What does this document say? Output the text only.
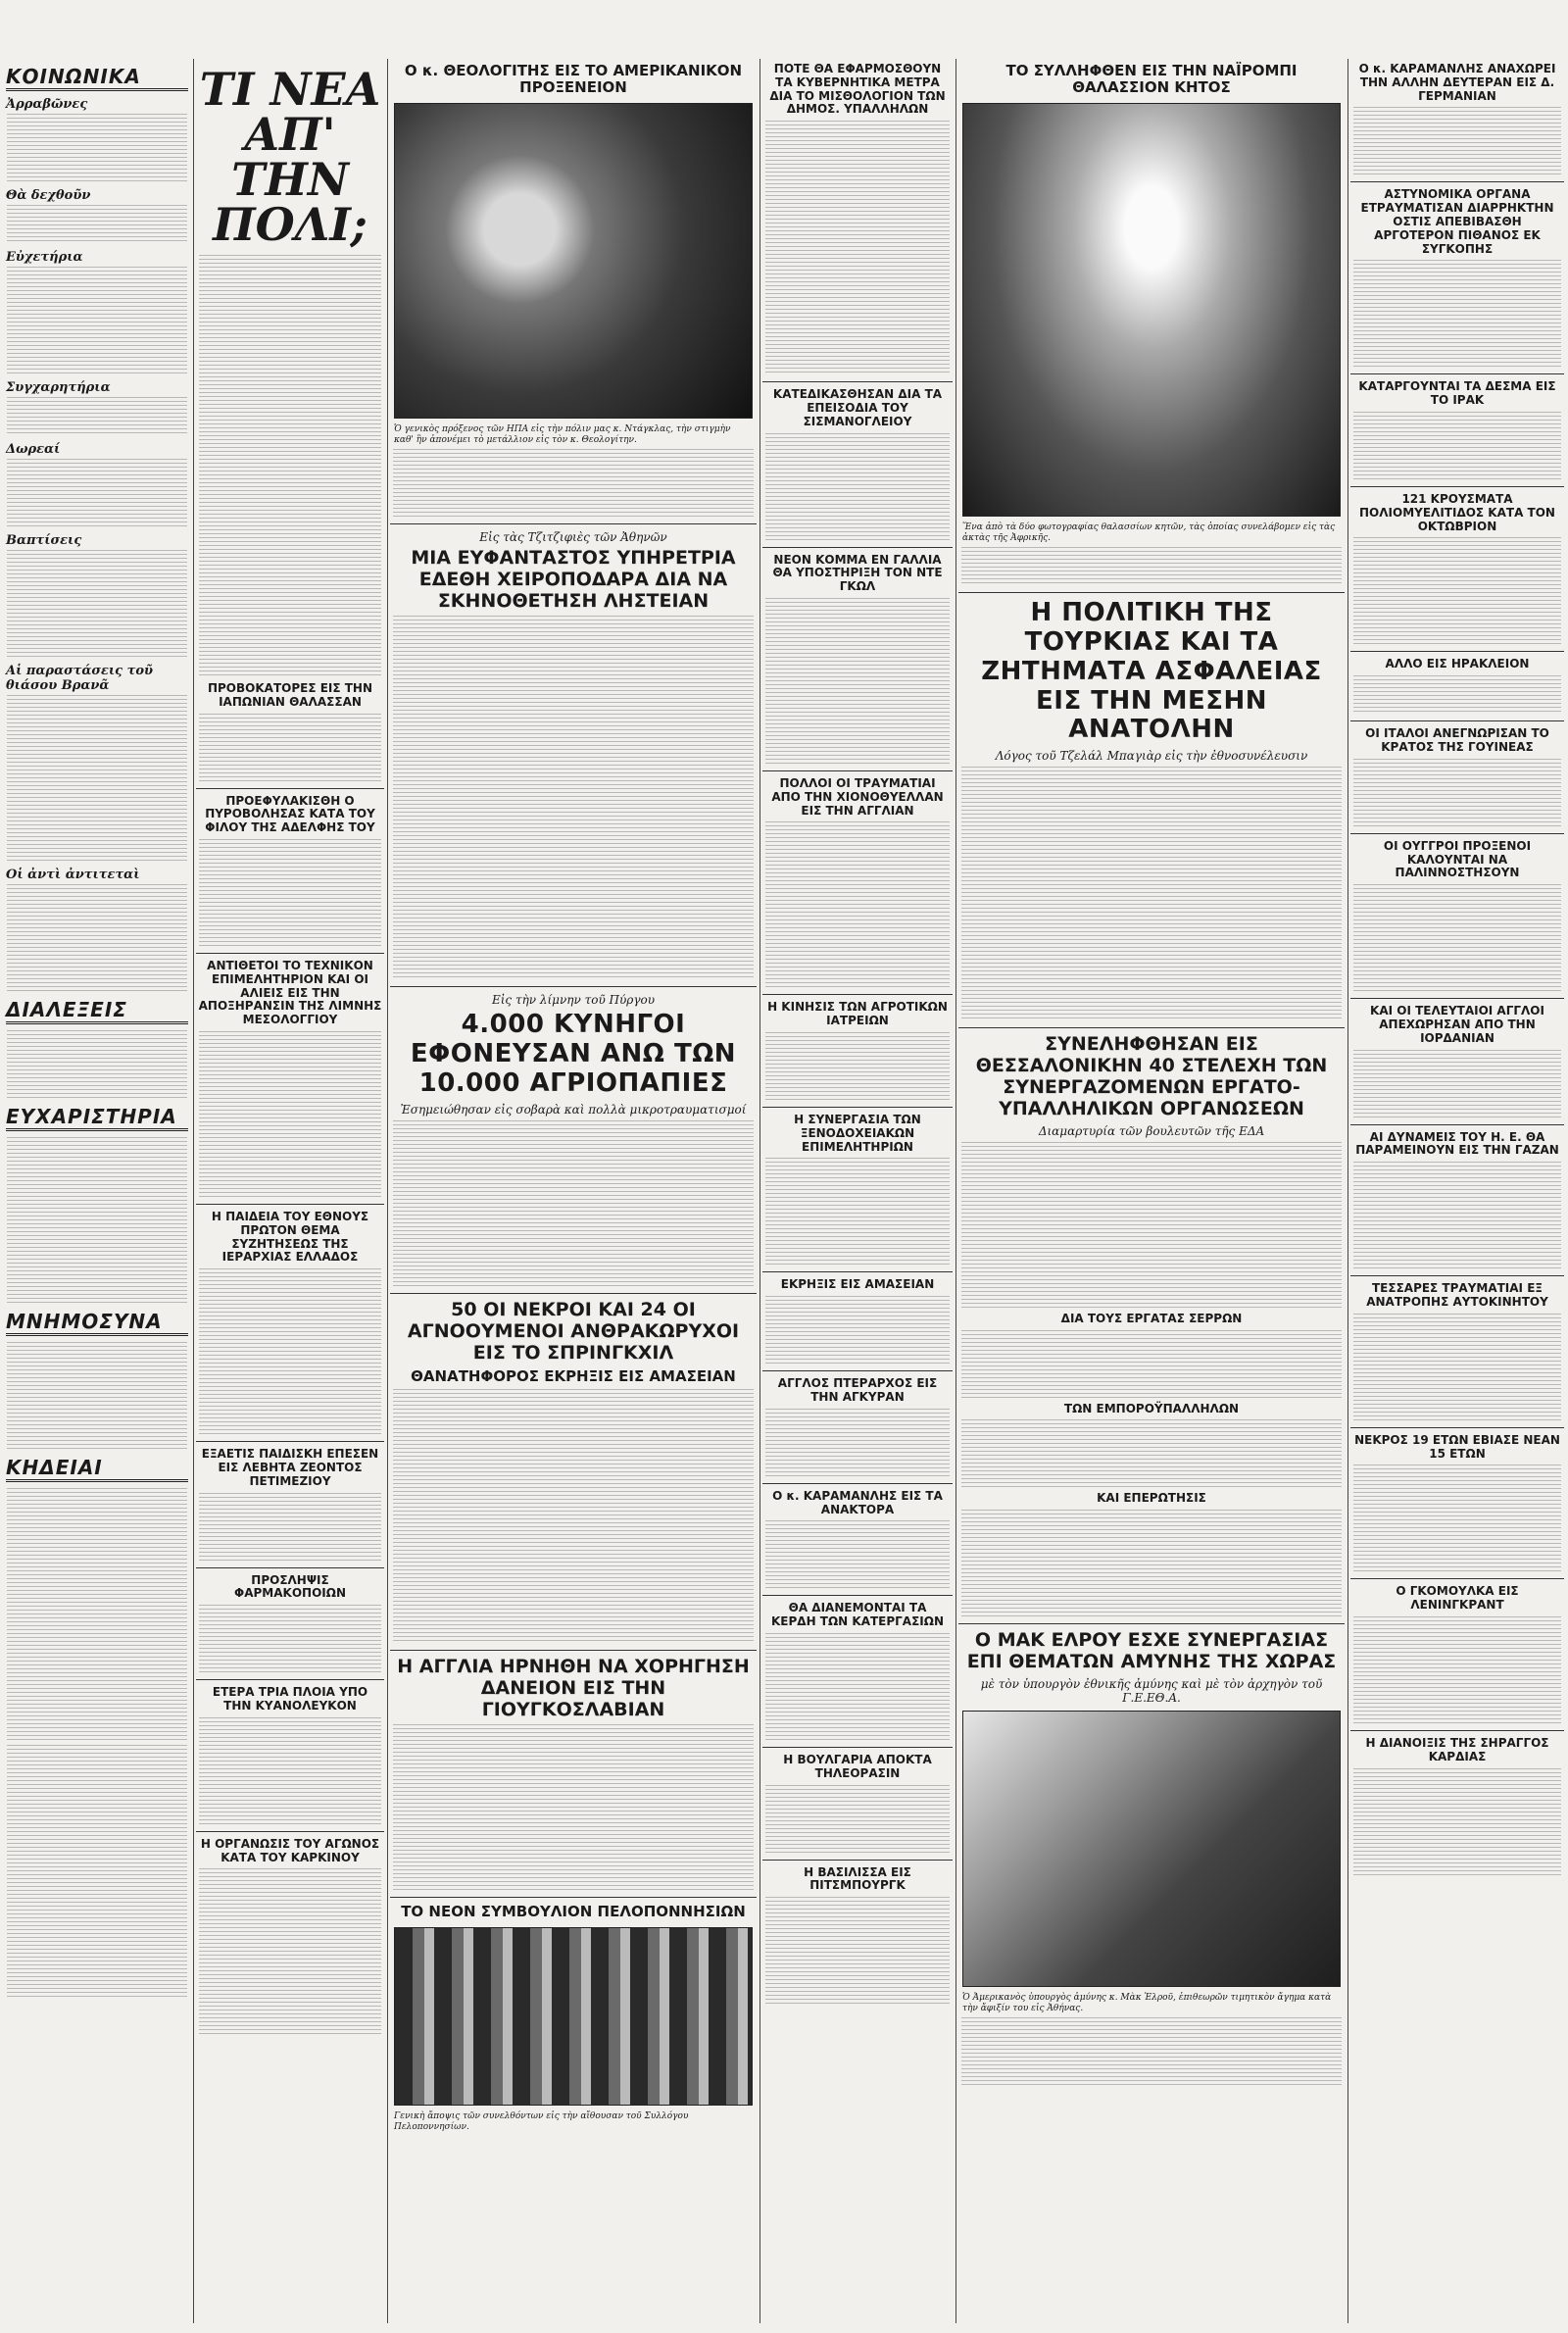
ΚΟΙΝΩΝΙΚΑ
Ἀρραβῶνες
Θὰ δεχθοῦν
Εὐχετήρια
Συγχαρητήρια
Δωρεαί
Βαπτίσεις
Αἱ παραστάσεις τοῦ θιάσου Βρανᾶ
Οἱ ἀντὶ ἀντιτεταὶ
ΔΙΑΛΕΞΕΙΣ
ΕΥΧΑΡΙΣΤΗΡΙΑ
ΜΝΗΜΟΣΥΝΑ
ΚΗΔΕΙΑΙ
ΤΙ ΝΕΑ ΑΠ' ΤΗΝ ΠΟΛΙ;
ΠΡΟΒΟΚΑΤΟΡΕΣ ΕΙΣ ΤΗΝ ΙΑΠΩΝΙΑΝ ΘΑΛΑΣΣΑΝ
ΠΡΟΕΦΥΛΑΚΙΣΘΗ Ο ΠΥΡΟΒΟΛΗΣΑΣ ΚΑΤΑ ΤΟΥ ΦΙΛΟΥ ΤΗΣ ΑΔΕΛΦΗΣ ΤΟΥ
ΑΝΤΙΘΕΤΟΙ ΤΟ ΤΕΧΝΙΚΟΝ ΕΠΙΜΕΛΗΤΗΡΙΟΝ ΚΑΙ ΟΙ ΑΛΙΕΙΣ ΕΙΣ ΤΗΝ ΑΠΟΞΗΡΑΝΣΙΝ ΤΗΣ ΛΙΜΝΗΣ ΜΕΣΟΛΟΓΓΙΟΥ
Η ΠΑΙΔΕΙΑ ΤΟΥ ΕΘΝΟΥΣ ΠΡΩΤΟΝ ΘΕΜΑ ΣΥΖΗΤΗΣΕΩΣ ΤΗΣ ΙΕΡΑΡΧΙΑΣ ΕΛΛΑΔΟΣ
ΕΞΑΕΤΙΣ ΠΑΙΔΙΣΚΗ ΕΠΕΣΕΝ ΕΙΣ ΛΕΒΗΤΑ ΖΕΟΝΤΟΣ ΠΕΤΙΜΕΖΙΟΥ
ΠΡΟΣΛΗΨΙΣ ΦΑΡΜΑΚΟΠΟΙΩΝ
ΕΤΕΡΑ ΤΡΙΑ ΠΛΟΙΑ ΥΠΟ ΤΗΝ ΚΥΑΝΟΛΕΥΚΟΝ
Η ΟΡΓΑΝΩΣΙΣ ΤΟΥ ΑΓΩΝΟΣ ΚΑΤΑ ΤΟΥ ΚΑΡΚΙΝΟΥ
Ο κ. ΘΕΟΛΟΓΙΤΗΣ ΕΙΣ ΤΟ ΑΜΕΡΙΚΑΝΙΚΟΝ ΠΡΟΞΕΝΕΙΟΝ
Ὁ γενικὸς πρόξενος τῶν ΗΠΑ εἰς τὴν πόλιν μας κ. Ντάγκλας, τὴν στιγμὴν καθ' ἣν ἀπονέμει τὸ μετάλλιον εἰς τὸν κ. Θεολογίτην.
Εἰς τὰς Τζιτζιφιὲς τῶν Ἀθηνῶν
ΜΙΑ ΕΥΦΑΝΤΑΣΤΟΣ ΥΠΗΡΕΤΡΙΑ ΕΔΕΘΗ ΧΕΙΡΟΠΟΔΑΡΑ ΔΙΑ ΝΑ ΣΚΗΝΟΘΕΤΗΣΗ ΛΗΣΤΕΙΑΝ
Εἰς τὴν λίμνην τοῦ Πύργου
4.000 ΚΥΝΗΓΟΙ ΕΦΟΝΕΥΣΑΝ ΑΝΩ ΤΩΝ 10.000 ΑΓΡΙΟΠΑΠΙΕΣ
Ἐσημειώθησαν εἰς σοβαρὰ καὶ πολλὰ μικροτραυματισμοί
50 ΟΙ ΝΕΚΡΟΙ ΚΑΙ 24 ΟΙ ΑΓΝΟΟΥΜΕΝΟΙ ΑΝΘΡΑΚΩΡΥΧΟΙ ΕΙΣ ΤΟ ΣΠΡΙΝΓΚΧΙΛ
ΘΑΝΑΤΗΦΟΡΟΣ ΕΚΡΗΞΙΣ ΕΙΣ ΑΜΑΣΕΙΑΝ
Η ΑΓΓΛΙΑ ΗΡΝΗΘΗ ΝΑ ΧΟΡΗΓΗΣΗ ΔΑΝΕΙΟΝ ΕΙΣ ΤΗΝ ΓΙΟΥΓΚΟΣΛΑΒΙΑΝ
ΤΟ ΝΕΟΝ ΣΥΜΒΟΥΛΙΟΝ ΠΕΛΟΠΟΝΝΗΣΙΩΝ
Γενικὴ ἄποψις τῶν συνελθόντων εἰς τὴν αἴθουσαν τοῦ Συλλόγου Πελοποννησίων.
ΠΟΤΕ ΘΑ ΕΦΑΡΜΟΣΘΟΥΝ ΤΑ ΚΥΒΕΡΝΗΤΙΚΑ ΜΕΤΡΑ ΔΙΑ ΤΟ ΜΙΣΘΟΛΟΓΙΟΝ ΤΩΝ ΔΗΜΟΣ. ΥΠΑΛΛΗΛΩΝ
ΚΑΤΕΔΙΚΑΣΘΗΣΑΝ ΔΙΑ ΤΑ ΕΠΕΙΣΟΔΙΑ ΤΟΥ ΣΙΣΜΑΝΟΓΛΕΙΟΥ
ΝΕΟΝ ΚΟΜΜΑ ΕΝ ΓΑΛΛΙΑ ΘΑ ΥΠΟΣΤΗΡΙΞΗ ΤΟΝ ΝΤΕ ΓΚΩΛ
ΠΟΛΛΟΙ ΟΙ ΤΡΑΥΜΑΤΙΑΙ ΑΠΟ ΤΗΝ ΧΙΟΝΟΘΥΕΛΛΑΝ ΕΙΣ ΤΗΝ ΑΓΓΛΙΑΝ
Η ΚΙΝΗΣΙΣ ΤΩΝ ΑΓΡΟΤΙΚΩΝ ΙΑΤΡΕΙΩΝ
Η ΣΥΝΕΡΓΑΣΙΑ ΤΩΝ ΞΕΝΟΔΟΧΕΙΑΚΩΝ ΕΠΙΜΕΛΗΤΗΡΙΩΝ
ΕΚΡΗΞΙΣ ΕΙΣ ΑΜΑΣΕΙΑΝ
ΑΓΓΛΟΣ ΠΤΕΡΑΡΧΟΣ ΕΙΣ ΤΗΝ ΑΓΚΥΡΑΝ
Ο κ. ΚΑΡΑΜΑΝΛΗΣ ΕΙΣ ΤΑ ΑΝΑΚΤΟΡΑ
ΘΑ ΔΙΑΝΕΜΟΝΤΑΙ ΤΑ ΚΕΡΔΗ ΤΩΝ ΚΑΤΕΡΓΑΣΙΩΝ
Η ΒΟΥΛΓΑΡΙΑ ΑΠΟΚΤΑ ΤΗΛΕΟΡΑΣΙΝ
Η ΒΑΣΙΛΙΣΣΑ ΕΙΣ ΠΙΤΣΜΠΟΥΡΓΚ
ΤΟ ΣΥΛΛΗΦΘΕΝ ΕΙΣ ΤΗΝ ΝΑΪΡΟΜΠΙ ΘΑΛΑΣΣΙΟΝ ΚΗΤΟΣ
Ἕνα ἀπὸ τὰ δύο φωτογραφίας θαλασσίων κητῶν, τὰς ὁποίας συνελάβομεν εἰς τὰς ἀκτὰς τῆς Ἀφρικῆς.
Η ΠΟΛΙΤΙΚΗ ΤΗΣ ΤΟΥΡΚΙΑΣ ΚΑΙ ΤΑ ΖΗΤΗΜΑΤΑ ΑΣΦΑΛΕΙΑΣ ΕΙΣ ΤΗΝ ΜΕΣΗΝ ΑΝΑΤΟΛΗΝ
Λόγος τοῦ Τζελάλ Μπαγιὰρ εἰς τὴν ἐθνοσυνέλευσιν
ΣΥΝΕΛΗΦΘΗΣΑΝ ΕΙΣ ΘΕΣΣΑΛΟΝΙΚΗΝ 40 ΣΤΕΛΕΧΗ ΤΩΝ ΣΥΝΕΡΓΑΖΟΜΕΝΩΝ ΕΡΓΑΤΟ-ΥΠΑΛΛΗΛΙΚΩΝ ΟΡΓΑΝΩΣΕΩΝ
Διαμαρτυρία τῶν βουλευτῶν τῆς ΕΔΑ
ΔΙΑ ΤΟΥΣ ΕΡΓΑΤΑΣ ΣΕΡΡΩΝ
ΤΩΝ ΕΜΠΟΡΟΫΠΑΛΛΗΛΩΝ
ΚΑΙ ΕΠΕΡΩΤΗΣΙΣ
Ο ΜΑΚ ΕΛΡΟΥ ΕΣΧΕ ΣΥΝΕΡΓΑΣΙΑΣ ΕΠΙ ΘΕΜΑΤΩΝ ΑΜΥΝΗΣ ΤΗΣ ΧΩΡΑΣ
μὲ τὸν ὑπουργὸν ἐθνικῆς ἀμύνης καὶ μὲ τὸν ἀρχηγὸν τοῦ Γ.Ε.ΕΘ.Α.
Ὁ Ἀμερικανὸς ὑπουργὸς ἀμύνης κ. Μὰκ Ἐλροῦ, ἐπιθεωρῶν τιμητικὸν ἄγημα κατὰ τὴν ἄφιξίν του εἰς Ἀθήνας.
Ο κ. ΚΑΡΑΜΑΝΛΗΣ ΑΝΑΧΩΡΕΙ ΤΗΝ ΑΛΛΗΝ ΔΕΥΤΕΡΑΝ ΕΙΣ Δ. ΓΕΡΜΑΝΙΑΝ
ΑΣΤΥΝΟΜΙΚΑ ΟΡΓΑΝΑ ΕΤΡΑΥΜΑΤΙΣΑΝ ΔΙΑΡΡΗΚΤΗΝ ΟΣΤΙΣ ΑΠΕΒΙΒΑΣΘΗ ΑΡΓΟΤΕΡΟΝ ΠΙΘΑΝΟΣ ΕΚ ΣΥΓΚΟΠΗΣ
ΚΑΤΑΡΓΟΥΝΤΑΙ ΤΑ ΔΕΣΜΑ ΕΙΣ ΤΟ ΙΡΑΚ
121 ΚΡΟΥΣΜΑΤΑ ΠΟΛΙΟΜΥΕΛΙΤΙΔΟΣ ΚΑΤΑ ΤΟΝ ΟΚΤΩΒΡΙΟΝ
ΑΛΛΟ ΕΙΣ ΗΡΑΚΛΕΙΟΝ
ΟΙ ΙΤΑΛΟΙ ΑΝΕΓΝΩΡΙΣΑΝ ΤΟ ΚΡΑΤΟΣ ΤΗΣ ΓΟΥΙΝΕΑΣ
ΟΙ ΟΥΓΓΡΟΙ ΠΡΟΞΕΝΟΙ ΚΑΛΟΥΝΤΑΙ ΝΑ ΠΑΛΙΝΝΟΣΤΗΣΟΥΝ
ΚΑΙ ΟΙ ΤΕΛΕΥΤΑΙΟΙ ΑΓΓΛΟΙ ΑΠΕΧΩΡΗΣΑΝ ΑΠΟ ΤΗΝ ΙΟΡΔΑΝΙΑΝ
ΑΙ ΔΥΝΑΜΕΙΣ ΤΟΥ Η. Ε. ΘΑ ΠΑΡΑΜΕΙΝΟΥΝ ΕΙΣ ΤΗΝ ΓΑΖΑΝ
ΤΕΣΣΑΡΕΣ ΤΡΑΥΜΑΤΙΑΙ ΕΞ ΑΝΑΤΡΟΠΗΣ ΑΥΤΟΚΙΝΗΤΟΥ
ΝΕΚΡΟΣ 19 ΕΤΩΝ ΕΒΙΑΣΕ ΝΕΑΝ 15 ΕΤΩΝ
Ο ΓΚΟΜΟΥΛΚΑ ΕΙΣ ΛΕΝΙΝΓΚΡΑΝΤ
Η ΔΙΑΝΟΙΞΙΣ ΤΗΣ ΣΗΡΑΓΓΟΣ ΚΑΡΔΙΑΣ
